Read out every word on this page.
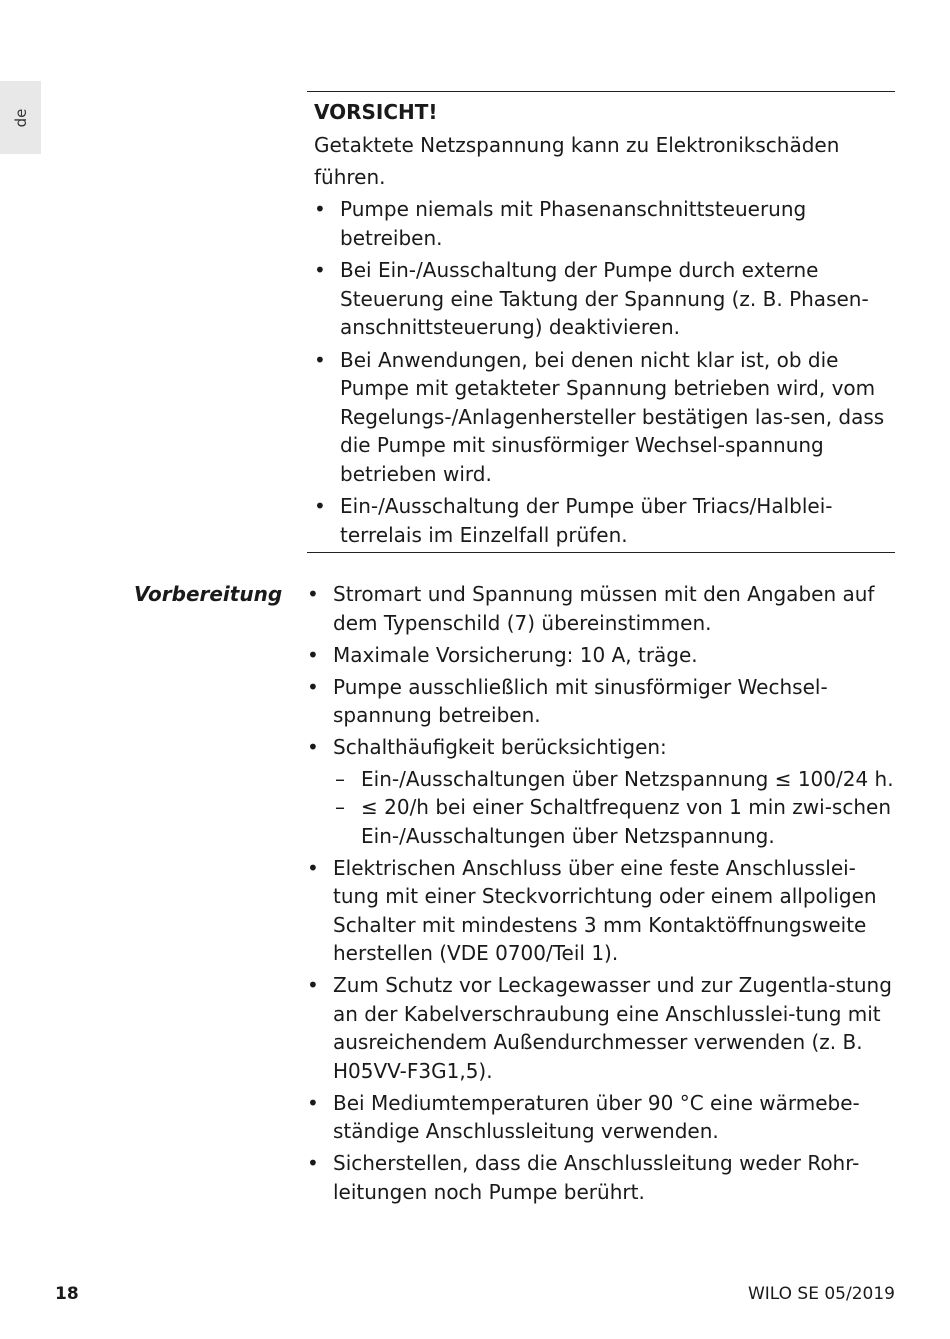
de	VORSICHT!
Getaktete Netzspannung kann zu Elektronikschäden führen.
• Pumpe niemals mit Phasenanschnittsteuerung betreiben.
• Bei Ein-/Ausschaltung der Pumpe durch externe Steuerung eine Taktung der Spannung (z. B. Phasen-anschnittsteuerung) deaktivieren.
• Bei Anwendungen, bei denen nicht klar ist, ob die Pumpe mit getakteter Spannung betrieben wird, vom Regelungs-/Anlagenhersteller bestätigen las-sen, dass die Pumpe mit sinusförmiger Wechsel-spannung betrieben wird.
• Ein-/Ausschaltung der Pumpe über Triacs/Halblei-terrelais im Einzelfall prüfen.
Vorbereitung • Stromart und Spannung müssen mit den Angaben auf dem Typenschild (7) übereinstimmen.
• Maximale Vorsicherung: 10 A, träge.
• Pumpe ausschließlich mit sinusförmiger Wechsel-spannung betreiben.
• Schalthäufigkeit berücksichtigen:
– Ein-/Ausschaltungen über Netzspannung ≤ 100/24 h.
– ≤ 20/h bei einer Schaltfrequenz von 1 min zwi-schen Ein-/Ausschaltungen über Netzspannung.
• Elektrischen Anschluss über eine feste Anschlusslei-tung mit einer Steckvorrichtung oder einem allpoligen Schalter mit mindestens 3 mm Kontaktöffnungsweite herstellen (VDE 0700/Teil 1).
• Zum Schutz vor Leckagewasser und zur Zugentla-stung an der Kabelverschraubung eine Anschlusslei-tung mit ausreichendem Außendurchmesser verwenden (z. B. H05VV-F3G1,5).
• Bei Mediumtemperaturen über 90 °C eine wärmebe-ständige Anschlussleitung verwenden.
• Sicherstellen, dass die Anschlussleitung weder Rohr-leitungen noch Pumpe berührt.
18	WILO SE 05/2019
